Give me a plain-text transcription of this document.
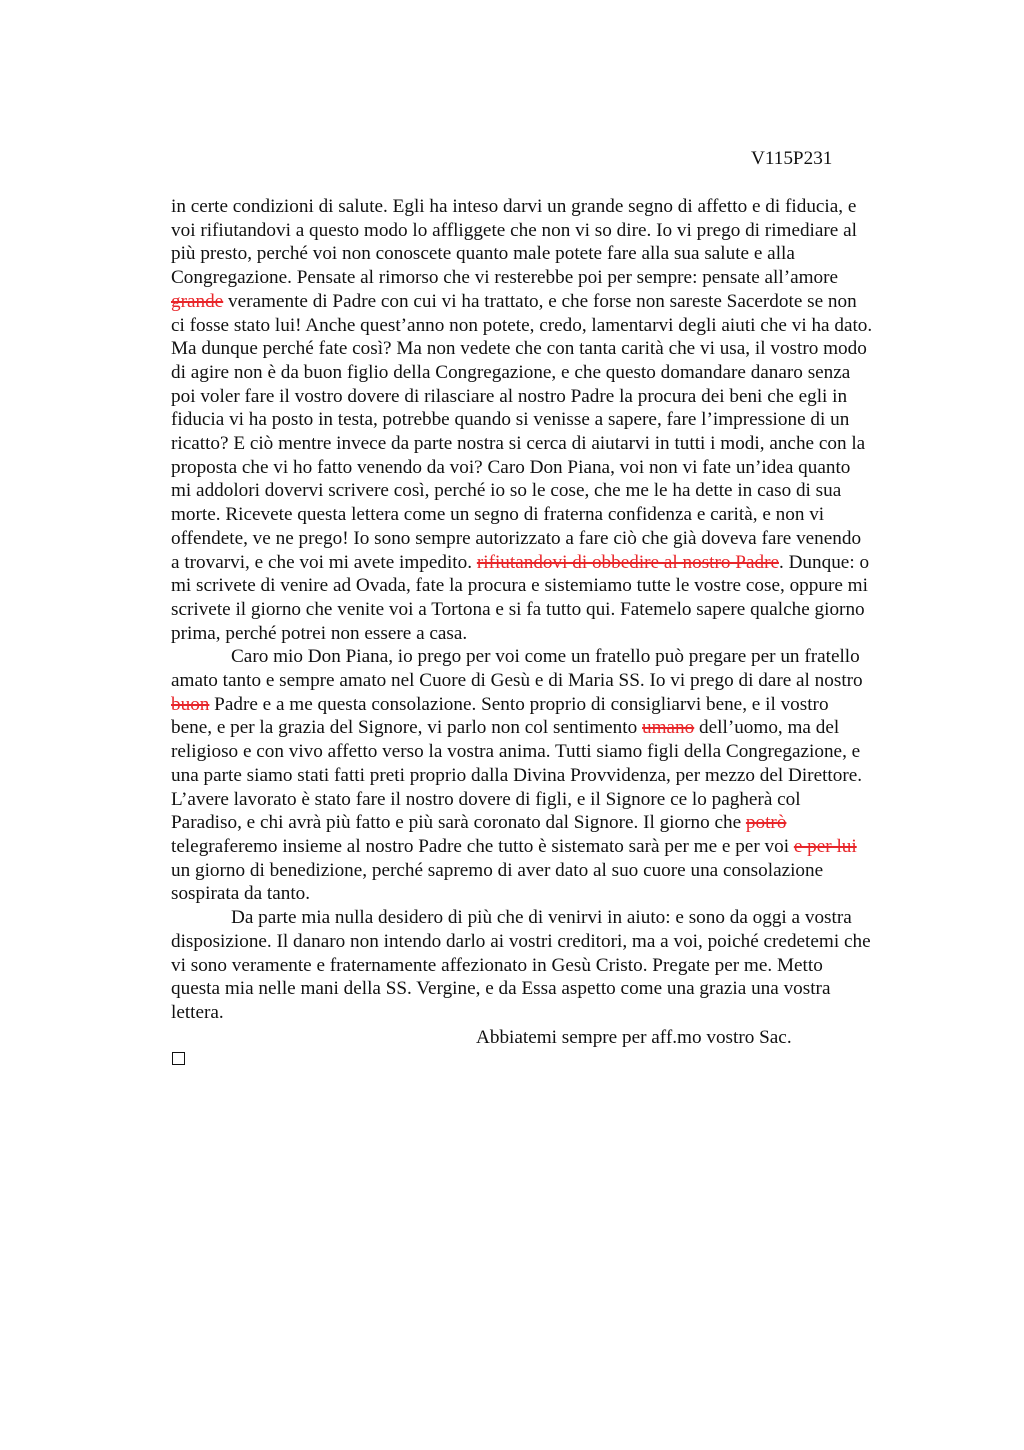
V115P231
in certe condizioni di salute. Egli ha inteso darvi un grande segno di affetto e di fiducia, e
voi rifiutandovi a questo modo lo affliggete che non vi so dire. Io vi prego di rimediare al
più presto, perché voi non conoscete quanto male potete fare alla sua salute e alla
Congregazione. Pensate al rimorso che vi resterebbe poi per sempre: pensate all’amore
grande veramente di Padre con cui vi ha trattato, e che forse non sareste Sacerdote se non
ci fosse stato lui! Anche quest’anno non potete, credo, lamentarvi degli aiuti che vi ha dato.
Ma dunque perché fate così? Ma non vedete che con tanta carità che vi usa, il vostro modo
di agire non è da buon figlio della Congregazione, e che questo domandare danaro senza
poi voler fare il vostro dovere di rilasciare al nostro Padre la procura dei beni che egli in
fiducia vi ha posto in testa, potrebbe quando si venisse a sapere, fare l’impressione di un
ricatto? E ciò mentre invece da parte nostra si cerca di aiutarvi in tutti i modi, anche con la
proposta che vi ho fatto venendo da voi? Caro Don Piana, voi non vi fate un’idea quanto
mi addolori dovervi scrivere così, perché io so le cose, che me le ha dette in caso di sua
morte. Ricevete questa lettera come un segno di fraterna confidenza e carità, e non vi
offendete, ve ne prego! Io sono sempre autorizzato a fare ciò che già doveva fare venendo
a trovarvi, e che voi mi avete impedito. rifiutandovi di obbedire al nostro Padre. Dunque: o
mi scrivete di venire ad Ovada, fate la procura e sistemiamo tutte le vostre cose, oppure mi
scrivete il giorno che venite voi a Tortona e si fa tutto qui. Fatemelo sapere qualche giorno
prima, perché potrei non essere a casa.
Caro mio Don Piana, io prego per voi come un fratello può pregare per un fratello
amato tanto e sempre amato nel Cuore di Gesù e di Maria SS. Io vi prego di dare al nostro
buon Padre e a me questa consolazione. Sento proprio di consigliarvi bene, e il vostro
bene, e per la grazia del Signore, vi parlo non col sentimento umano dell’uomo, ma del
religioso e con vivo affetto verso la vostra anima. Tutti siamo figli della Congregazione, e
una parte siamo stati fatti preti proprio dalla Divina Provvidenza, per mezzo del Direttore.
L’avere lavorato è stato fare il nostro dovere di figli, e il Signore ce lo pagherà col
Paradiso, e chi avrà più fatto e più sarà coronato dal Signore. Il giorno che potrò
telegraferemo insieme al nostro Padre che tutto è sistemato sarà per me e per voi e per lui
un giorno di benedizione, perché sapremo di aver dato al suo cuore una consolazione
sospirata da tanto.
Da parte mia nulla desidero di più che di venirvi in aiuto: e sono da oggi a vostra
disposizione. Il danaro non intendo darlo ai vostri creditori, ma a voi, poiché credetemi che
vi sono veramente e fraternamente affezionato in Gesù Cristo. Pregate per me. Metto
questa mia nelle mani della SS. Vergine, e da Essa aspetto come una grazia una vostra
lettera.
Abbiatemi sempre per aff.mo vostro Sac.
